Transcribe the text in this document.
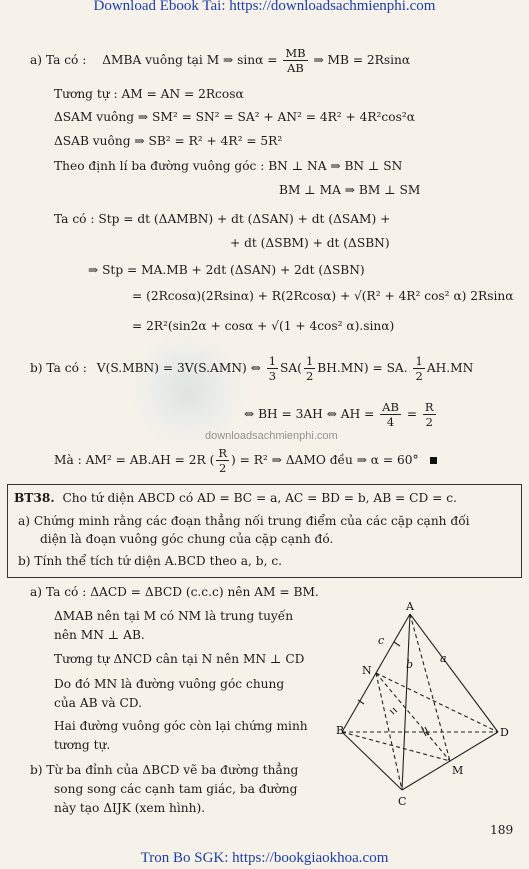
Download Ebook Tai: https://downloadsachmienphi.com
Tron Bo SGK: https://bookgiaokhoa.com
downloadsachmienphi.com
a) Ta có : ΔMBA vuông tại M ⇒ $\sin\alpha = \frac{MB}{AB}$ ⇒ MB = 2Rsinα
Tương tự : AM = AN = 2Rcosα
ΔSAM vuông ⇒ SM² = SN² = SA² + AN² = 4R² + 4R²cos²α
ΔSAB vuông ⇒ SB² = R² + 4R² = 5R²
Theo định lí ba đường vuông góc : BN ⊥ NA ⇒ BN ⊥ SN
BM ⊥ MA ⇒ BM ⊥ SM
Ta có : Stp = dt (ΔAMBN) + dt (ΔSAN) + dt (ΔSAM) +
+ dt (ΔSBM) + dt (ΔSBN)
⇒ Stp = MA.MB + 2dt (ΔSAN) + 2dt (ΔSBN)
= (2Rcosα)(2Rsinα) + R(2Rcosα) + √(R² + 4R² cos² α) 2Rsinα
= 2R²(sin2α + cosα + √(1 + 4cos² α).sinα)
b) Ta có : V(S.MBN) = 3V(S.AMN) ⇔ $\frac{1}{3} SA( \frac{1}{2} BH.MN)$ = SA. $\frac{1}{2} AH.MN$
⇔ BH = 3AH ⇔ AH = $\frac{AB}{4} = \frac{R}{2}$
Mà : AM² = AB.AH = 2R ( $\frac{R}{2}$ ) = R² ⇒ ΔAMO đều ⇒ α = 60°
BT38. Cho tứ diện ABCD có AD = BC = a, AC = BD = b, AB = CD = c.
a) Chứng minh rằng các đoạn thẳng nối trung điểm của các cặp cạnh đối
diện là đoạn vuông góc chung của cặp cạnh đó.
b) Tính thể tích tứ diện A.BCD theo a, b, c.
a) Ta có : ΔACD = ΔBCD (c.c.c) nên AM = BM.
ΔMAB nên tại M có NM là trung tuyến
nên MN ⊥ AB.
Tương tự ΔNCD cân tại N nên MN ⊥ CD
Do đó MN là đường vuông góc chung
của AB và CD.
Hai đường vuông góc còn lại chứng minh
tương tự.
b) Từ ba đỉnh của ΔBCD vẽ ba đường thẳng
song song các cạnh tam giác, ba đường
này tạo ΔIJK (xem hình).
A
B
C
D
M
N
a
b
c
189
